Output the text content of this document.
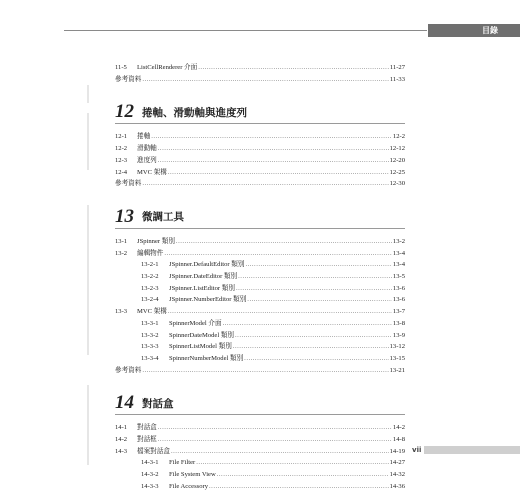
目錄
11-5	ListCellRenderer 介面 .....	11-27
參考資料 .....	11-33
12 捲軸、滑動軸與進度列
12-1	捲軸 .....	12-2
12-2	滑動軸 .....	12-12
12-3	進度列 .....	12-20
12-4	MVC 架構 .....	12-25
參考資料 .....	12-30
13 微調工具
13-1	JSpinner 類別 .....	13-2
13-2	編輯物件 .....	13-4
13-2-1	JSpinner.DefaultEditor 類別 .....	13-4
13-2-2	JSpinner.DateEditor 類別 .....	13-5
13-2-3	JSpinner.ListEditor 類別 .....	13-6
13-2-4	JSpinner.NumberEditor 類別 .....	13-6
13-3	MVC 架構 .....	13-7
13-3-1	SpinnerModel 介面 .....	13-8
13-3-2	SpinnerDateModel 類別 .....	13-9
13-3-3	SpinnerListModel 類別 .....	13-12
13-3-4	SpinnerNumberModel 類別 .....	13-15
參考資料 .....	13-21
14 對話盒
14-1	對話盒 .....	14-2
14-2	對話框 .....	14-8
14-3	檔案對話盒 .....	14-19
14-3-1	File Filter .....	14-27
14-3-2	File System View .....	14-32
14-3-3	File Accessory .....	14-36
vii
